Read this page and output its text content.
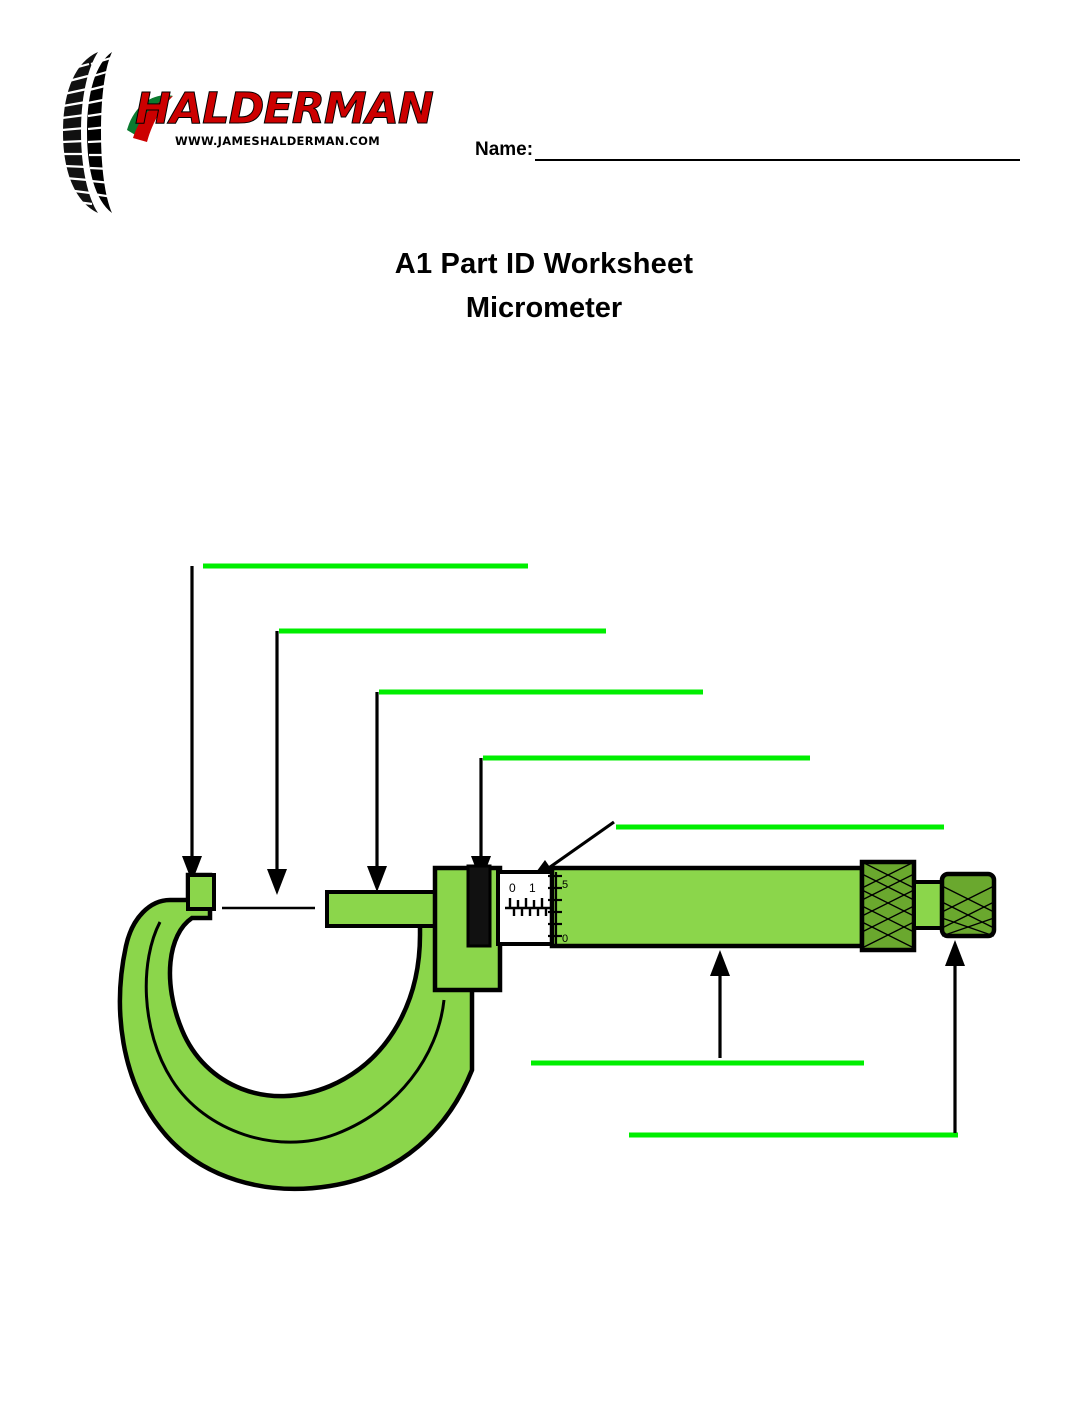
HALDERMAN
WWW.JAMESHALDERMAN.COM	Name:
A1 Part ID Worksheet
Micrometer
0 1 5
0
